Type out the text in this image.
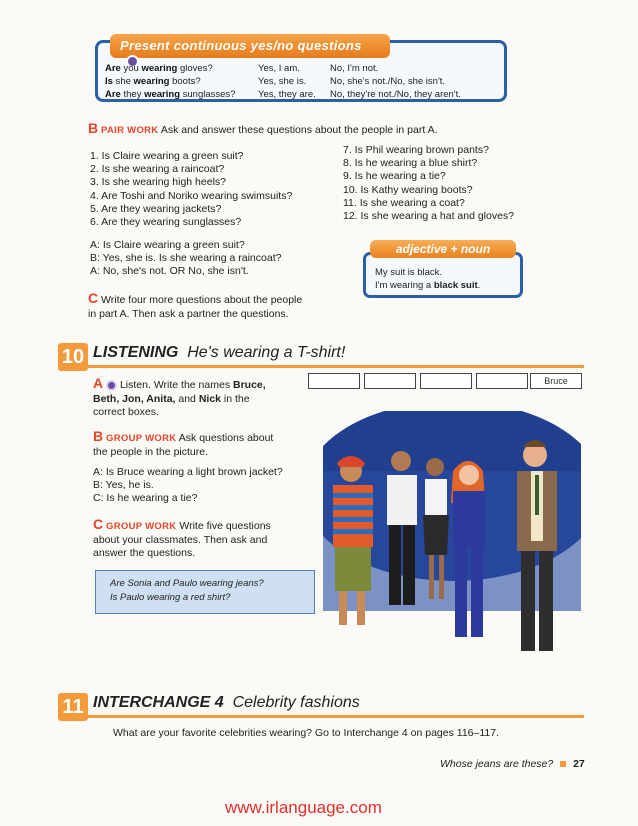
Present continuous yes/no questions
Are you wearing gloves?
Is she wearing boots?
Are they wearing sunglasses?
Yes, I am.
Yes, she is.
Yes, they are.
No, I'm not.
No, she's not./No, she isn't.
No, they're not./No, they aren't.
B PAIR WORK Ask and answer these questions about the people in part A.
1. Is Claire wearing a green suit?
2. Is she wearing a raincoat?
3. Is she wearing high heels?
4. Are Toshi and Noriko wearing swimsuits?
5. Are they wearing jackets?
6. Are they wearing sunglasses?
7. Is Phil wearing brown pants?
8. Is he wearing a blue shirt?
9. Is he wearing a tie?
10. Is Kathy wearing boots?
11. Is she wearing a coat?
12. Is she wearing a hat and gloves?
A: Is Claire wearing a green suit?
B: Yes, she is. Is she wearing a raincoat?
A: No, she's not. OR No, she isn't.
C Write four more questions about the people
in part A. Then ask a partner the questions.
adjective + noun
My suit is black.
I'm wearing a black suit.
10 LISTENING He's wearing a T-shirt!
A Listen. Write the names Bruce,
Beth, Jon, Anita, and Nick in the
correct boxes.
Bruce
B GROUP WORK Ask questions about
the people in the picture.
A: Is Bruce wearing a light brown jacket?
B: Yes, he is.
C: Is he wearing a tie?
C GROUP WORK Write five questions
about your classmates. Then ask and
answer the questions.
Are Sonia and Paulo wearing jeans?
Is Paulo wearing a red shirt?
11 INTERCHANGE 4 Celebrity fashions
What are your favorite celebrities wearing? Go to Interchange 4 on pages 116–117.
Whose jeans are these? 27
www.irlanguage.com
